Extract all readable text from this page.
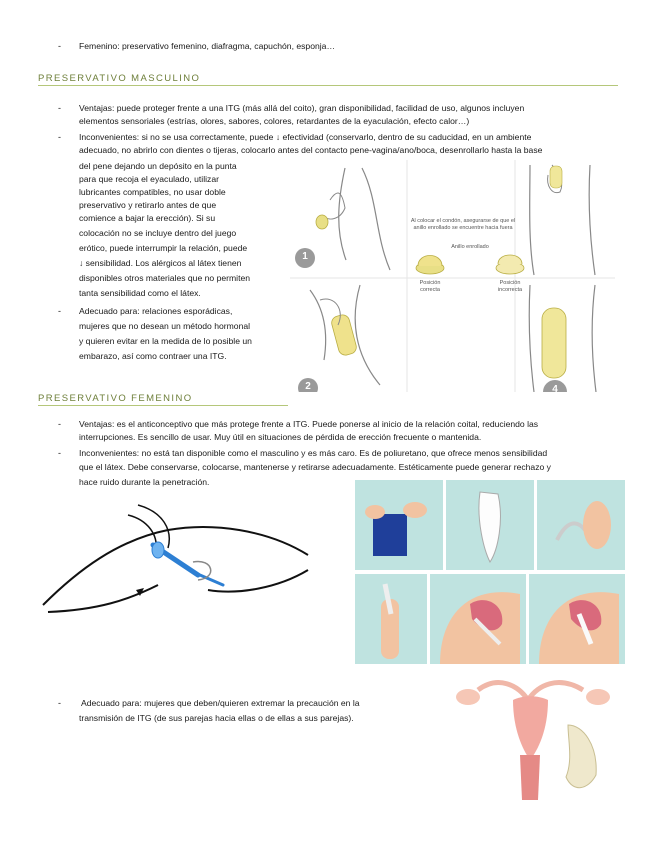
- Femenino: preservativo femenino, diafragma, capuchón, esponja…
PRESERVATIVO MASCULINO
- Ventajas: puede proteger frente a una ITG (más allá del coito), gran disponibilidad, facilidad de uso, algunos incluyen
elementos sensoriales (estrías, olores, sabores, colores, retardantes de la eyaculación, efecto calor…)
- Inconvenientes: si no se usa correctamente, puede ↓ efectividad (conservarlo, dentro de su caducidad, en un ambiente
adecuado, no abrirlo con dientes o tijeras, colocarlo antes del contacto pene-vagina/ano/boca, desenrollarlo hasta la base
del pene dejando un depósito en la punta
para que recoja el eyaculado, utilizar
lubricantes compatibles, no usar doble
preservativo y retirarlo antes de que
comience a bajar la erección). Si su
colocación no se incluye dentro del juego
erótico, puede interrumpir la relación, puede
↓ sensibilidad. Los alérgicos al látex tienen
disponibles otros materiales que no permiten
tanta sensibilidad como el látex.
- Adecuado para: relaciones esporádicas,
mujeres que no desean un método hormonal
y quieren evitar en la medida de lo posible un
embarazo, así como contraer una ITG.
Al colocar el condón, asegurarse de que el
anillo enrollado se encuentre hacia fuera
Anillo enrollado
Posición
correcta
Posición
incorrecta
1
2	4
PRESERVATIVO FEMENINO
- Ventajas: es el anticonceptivo que más protege frente a ITG. Puede ponerse al inicio de la relación coital, reduciendo las
interrupciones. Es sencillo de usar. Muy útil en situaciones de pérdida de erección frecuente o mantenida.
- Inconvenientes: no está tan disponible como el masculino y es más caro. Es de poliuretano, que ofrece menos sensibilidad
que el látex. Debe conservarse, colocarse, mantenerse y retirarse adecuadamente. Estéticamente puede generar rechazo y
hace ruido durante la penetración.
- Adecuado para: mujeres que deben/quieren extremar la precaución en la
transmisión de ITG (de sus parejas hacia ellas o de ellas a sus parejas).
